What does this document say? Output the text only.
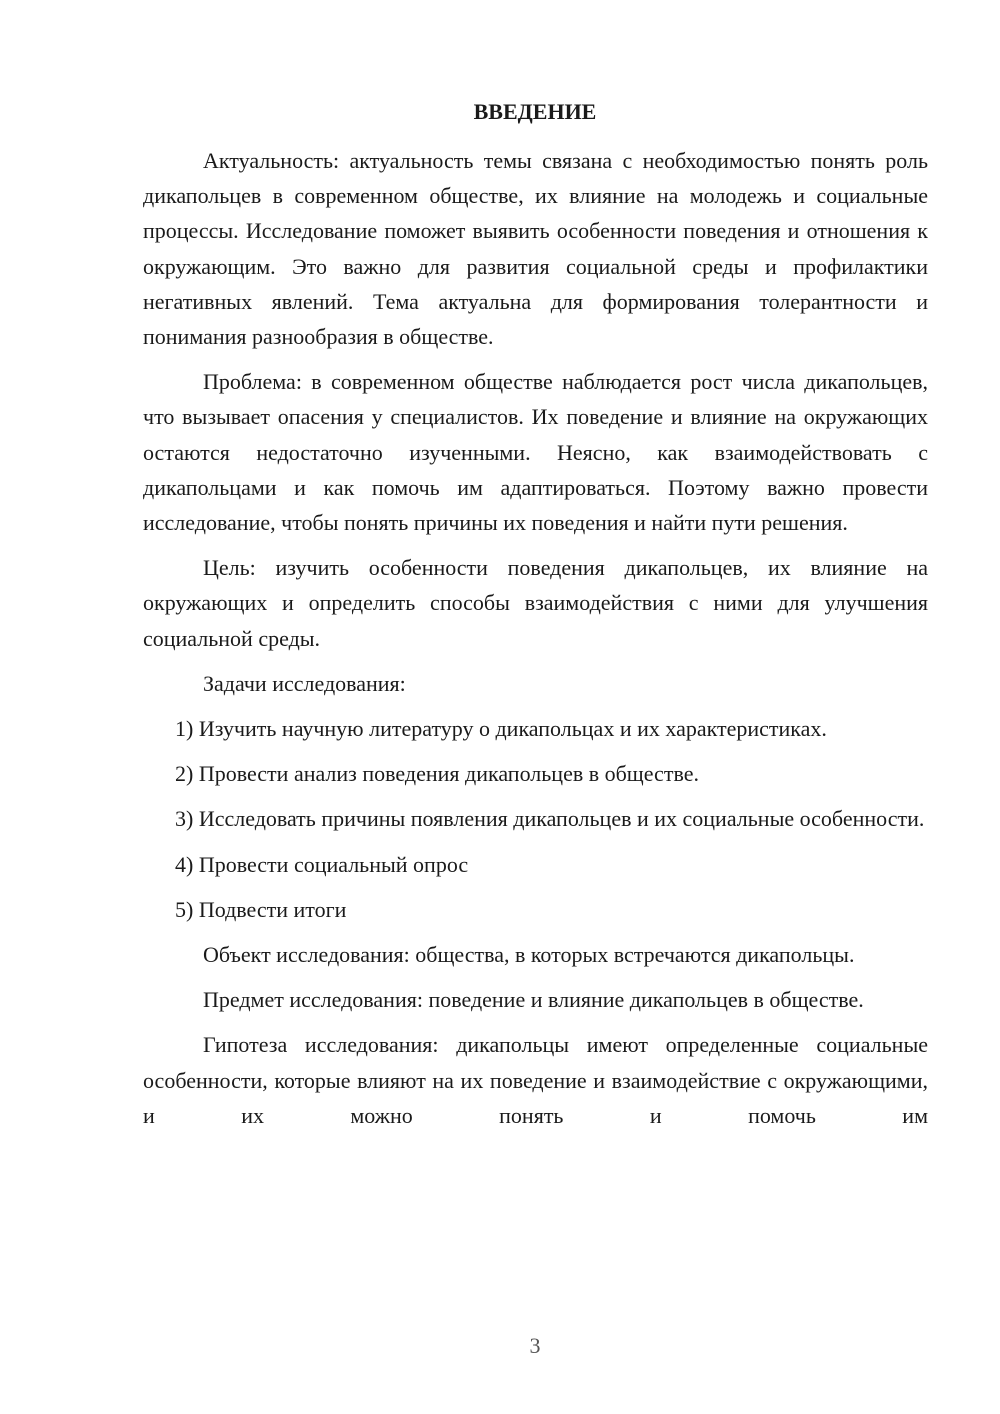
ВВЕДЕНИЕ

Актуальность: актуальность темы связана с необходимостью понять роль дикапольцев в современном обществе, их влияние на молодежь и социальные процессы. Исследование поможет выявить особенности поведения и отношения к окружающим. Это важно для развития социальной среды и профилактики негативных явлений. Тема актуальна для формирования толерантности и понимания разнообразия в обществе.

Проблема: в современном обществе наблюдается рост числа дикапольцев, что вызывает опасения у специалистов. Их поведение и влияние на окружающих остаются недостаточно изученными. Неясно, как взаимодействовать с дикапольцами и как помочь им адаптироваться. Поэтому важно провести исследование, чтобы понять причины их поведения и найти пути решения.

Цель: изучить особенности поведения дикапольцев, их влияние на окружающих и определить способы взаимодействия с ними для улучшения социальной среды.

Задачи исследования:

1) Изучить научную литературу о дикапольцах и их характеристиках.

2) Провести анализ поведения дикапольцев в обществе.

3) Исследовать причины появления дикапольцев и их социальные особенности.

4) Провести социальный опрос

5) Подвести итоги

Объект исследования: общества, в которых встречаются дикапольцы.

Предмет исследования: поведение и влияние дикапольцев в обществе.

Гипотеза исследования: дикапольцы имеют определенные социальные особенности, которые влияют на их поведение и взаимодействие с окружающими, и их можно понять и помочь им

3
